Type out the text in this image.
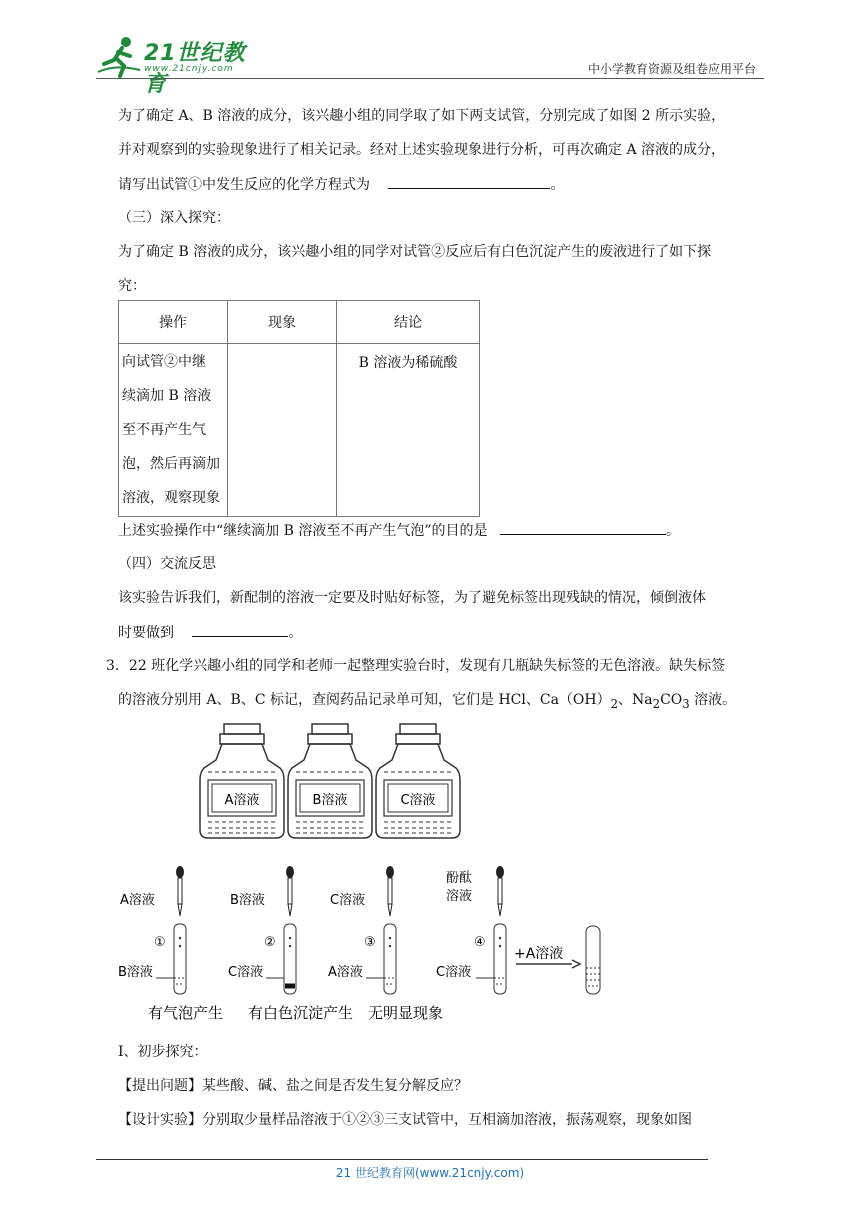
21世纪教育
www.21cnjy.com	中小学教育资源及组卷应用平台
为了确定 A、B 溶液的成分，该兴趣小组的同学取了如下两支试管，分别完成了如图 2 所示实验，
并对观察到的实验现象进行了相关记录。经对上述实验现象进行分析，可再次确定 A 溶液的成分，
请写出试管①中发生反应的化学方程式为	。
（三）深入探究：
为了确定 B 溶液的成分，该兴趣小组的同学对试管②反应后有白色沉淀产生的废液进行了如下探
究：
操作	现象	结论

向试管②中继
续滴加 B 溶液
至不再产生气
泡，然后再滴加
溶液，观察现象		B 溶液为稀硫酸
上述实验操作中“继续滴加 B 溶液至不再产生气泡”的目的是	。
（四）交流反思
该实验告诉我们，新配制的溶液一定要及时贴好标签，为了避免标签出现残缺的情况，倾倒液体
时要做到	。
3．22 班化学兴趣小组的同学和老师一起整理实验台时，发现有几瓶缺失标签的无色溶液。缺失标签
的溶液分别用 A、B、C 标记，查阅药品记录单可知，它们是 HCl、$Ca(OH)_2$、$Na_2CO_3$ 溶液。
A溶液	B溶液	C溶液
A溶液
①
B溶液
有气泡产生
B溶液
②
C溶液
有白色沉淀产生
C溶液
③
A溶液
无明显现象
酚酞
溶液
④
C溶液
+A溶液
Ⅰ、初步探究：
【提出问题】某些酸、碱、盐之间是否发生复分解反应？
【设计实验】分别取少量样品溶液于①②③三支试管中，互相滴加溶液，振荡观察，现象如图
21 世纪教育网(www.21cnjy.com)
